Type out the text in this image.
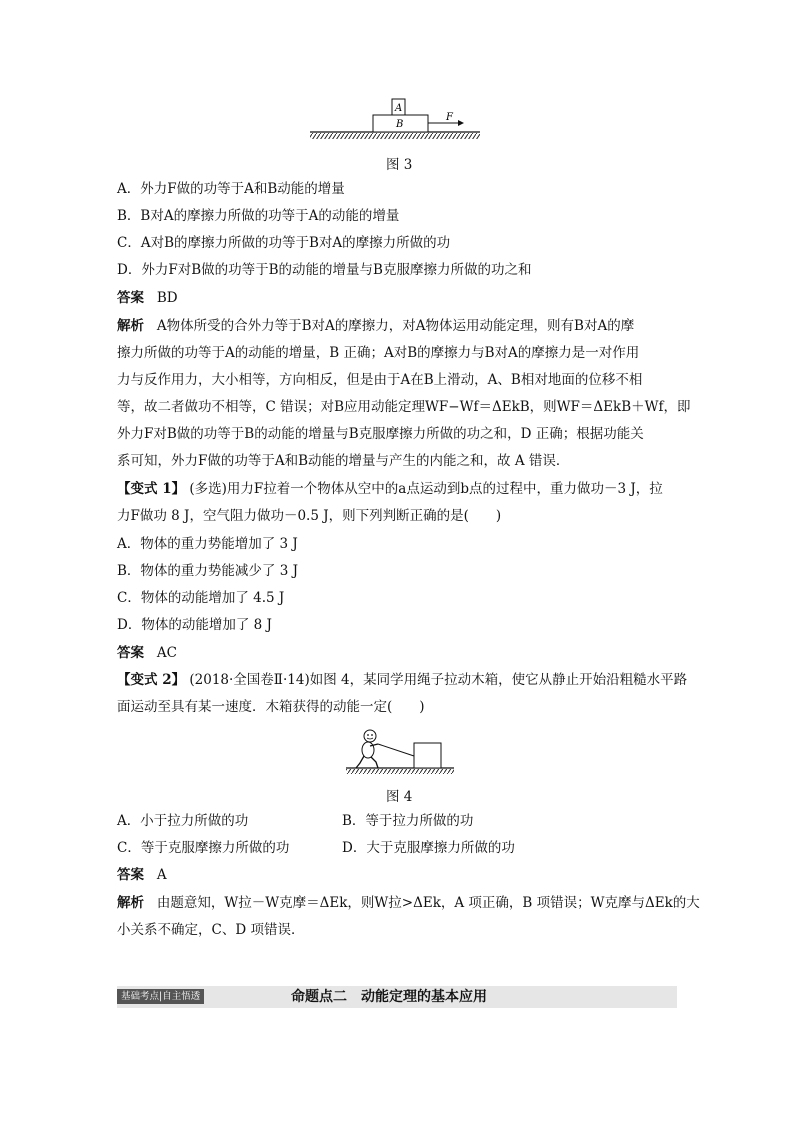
A
B
F
图 3
A．外力F做的功等于A和B动能的增量
B．B对A的摩擦力所做的功等于A的动能的增量
C．A对B的摩擦力所做的功等于B对A的摩擦力所做的功
D．外力F对B做的功等于B的动能的增量与B克服摩擦力所做的功之和
答案 BD
解析 A物体所受的合外力等于B对A的摩擦力，对A物体运用动能定理，则有B对A的摩
擦力所做的功等于A的动能的增量，B 正确；A对B的摩擦力与B对A的摩擦力是一对作用
力与反作用力，大小相等，方向相反，但是由于A在B上滑动，A、B相对地面的位移不相
等，故二者做功不相等，C 错误；对B应用动能定理WF−Wf＝ΔEkB，则WF＝ΔEkB＋Wf，即
外力F对B做的功等于B的动能的增量与B克服摩擦力所做的功之和，D 正确；根据功能关
系可知，外力F做的功等于A和B动能的增量与产生的内能之和，故 A 错误．
【变式 1】 (多选)用力F拉着一个物体从空中的a点运动到b点的过程中，重力做功－3 J，拉
力F做功 8 J，空气阻力做功－0.5 J，则下列判断正确的是(　　)
A．物体的重力势能增加了 3 J
B．物体的重力势能减少了 3 J
C．物体的动能增加了 4.5 J
D．物体的动能增加了 8 J
答案 AC
【变式 2】 (2018·全国卷Ⅱ·14)如图 4，某同学用绳子拉动木箱，使它从静止开始沿粗糙水平路
面运动至具有某一速度．木箱获得的动能一定(　　)
图 4
A．小于拉力所做的功	B．等于拉力所做的功
C．等于克服摩擦力所做的功	D．大于克服摩擦力所做的功
答案 A
解析 由题意知，W拉－W克摩＝ΔEk，则W拉>ΔEk，A 项正确，B 项错误；W克摩与ΔEk的大
小关系不确定，C、D 项错误．
基础考点|自主悟透	命题点二　动能定理的基本应用
